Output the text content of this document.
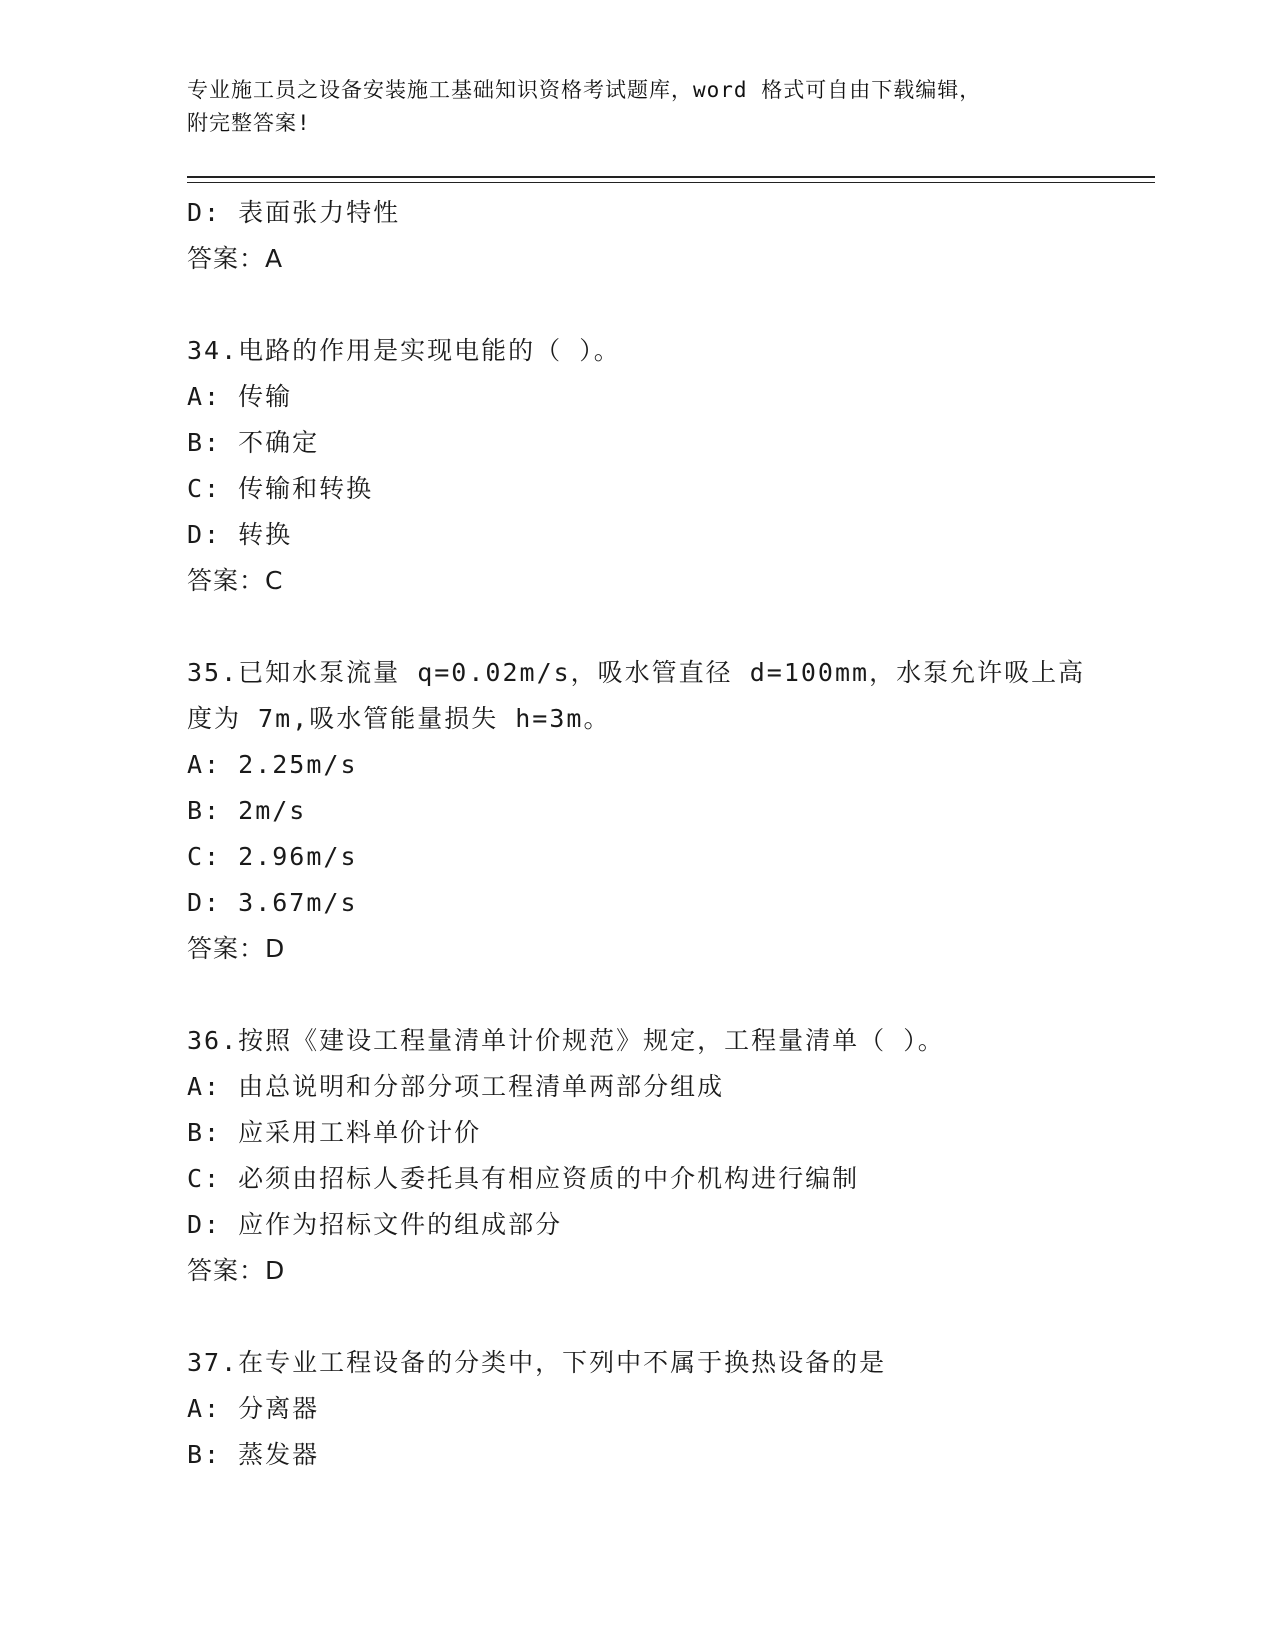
专业施工员之设备安装施工基础知识资格考试题库，word 格式可自由下载编辑，
附完整答案!
D: 表面张力特性
答案：A
34.电路的作用是实现电能的（ ）。
A: 传输
B: 不确定
C: 传输和转换
D: 转换
答案：C
35.已知水泵流量 q=0.02m/s，吸水管直径 d=100mm，水泵允许吸上高
度为 7m,吸水管能量损失 h=3m。
A: 2.25m/s
B: 2m/s
C: 2.96m/s
D: 3.67m/s
答案：D
36.按照《建设工程量清单计价规范》规定，工程量清单（ ）。
A: 由总说明和分部分项工程清单两部分组成
B: 应采用工料单价计价
C: 必须由招标人委托具有相应资质的中介机构进行编制
D: 应作为招标文件的组成部分
答案：D
37.在专业工程设备的分类中，下列中不属于换热设备的是
A: 分离器
B: 蒸发器
